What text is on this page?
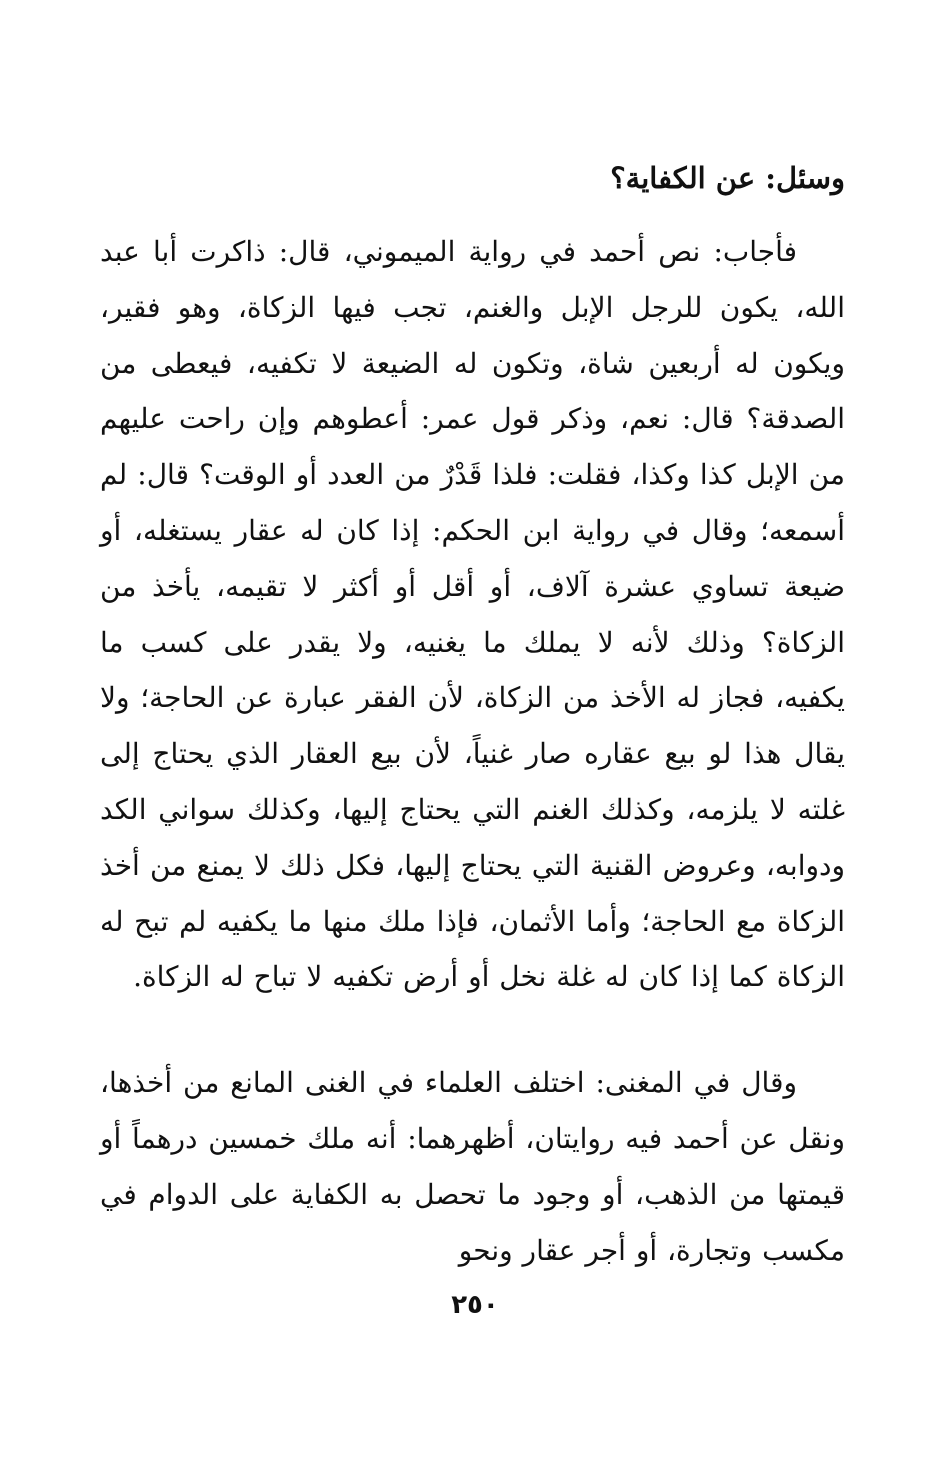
وسئل: عن الكفاية؟

فأجاب: نص أحمد في رواية الميموني، قال: ذاكرت أبا عبد الله، يكون للرجل الإبل والغنم، تجب فيها الزكاة، وهو فقير، ويكون له أربعين شاة، وتكون له الضيعة لا تكفيه، فيعطى من الصدقة؟ قال: نعم، وذكر قول عمر: أعطوهم وإن راحت عليهم من الإبل كذا وكذا، فقلت: فلذا قَدْرٌ من العدد أو الوقت؟ قال: لم أسمعه؛ وقال في رواية ابن الحكم: إذا كان له عقار يستغله، أو ضيعة تساوي عشرة آلاف، أو أقل أو أكثر لا تقيمه، يأخذ من الزكاة؟ وذلك لأنه لا يملك ما يغنيه، ولا يقدر على كسب ما يكفيه، فجاز له الأخذ من الزكاة، لأن الفقر عبارة عن الحاجة؛ ولا يقال هذا لو بيع عقاره صار غنياً، لأن بيع العقار الذي يحتاج إلى غلته لا يلزمه، وكذلك الغنم التي يحتاج إليها، وكذلك سواني الكد ودوابه، وعروض القنية التي يحتاج إليها، فكل ذلك لا يمنع من أخذ الزكاة مع الحاجة؛ وأما الأثمان، فإذا ملك منها ما يكفيه لم تبح له الزكاة كما إذا كان له غلة نخل أو أرض تكفيه لا تباح له الزكاة.

وقال في المغنى: اختلف العلماء في الغنى المانع من أخذها، ونقل عن أحمد فيه روايتان، أظهرهما: أنه ملك خمسين درهماً أو قيمتها من الذهب، أو وجود ما تحصل به الكفاية على الدوام في مكسب وتجارة، أو أجر عقار ونحو

٢٥٠
